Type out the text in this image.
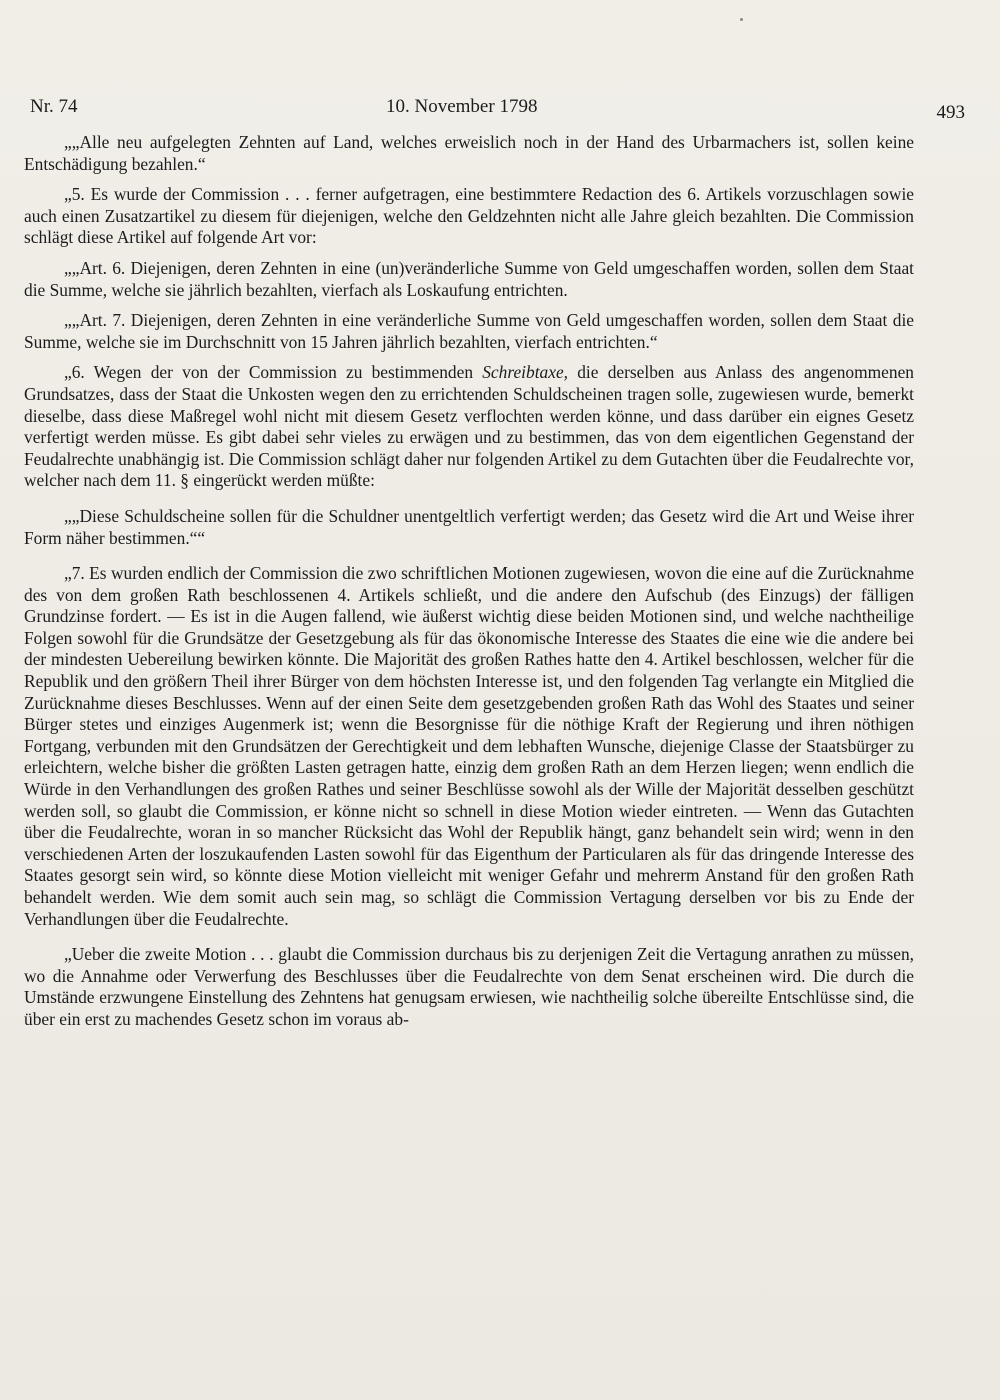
Nr. 74	10. November 1798	493

„„Alle neu aufgelegten Zehnten auf Land, welches erweislich noch in der Hand des Urbarmachers ist, sollen keine Entschädigung bezahlen.“

„5. Es wurde der Commission . . . ferner aufgetragen, eine bestimmtere Redaction des 6. Artikels vorzuschlagen sowie auch einen Zusatzartikel zu diesem für diejenigen, welche den Geldzehnten nicht alle Jahre gleich bezahlten. Die Commission schlägt diese Artikel auf folgende Art vor:

„„Art. 6. Diejenigen, deren Zehnten in eine (un)veränderliche Summe von Geld umgeschaffen worden, sollen dem Staat die Summe, welche sie jährlich bezahlten, vierfach als Loskaufung entrichten.

„„Art. 7. Diejenigen, deren Zehnten in eine veränderliche Summe von Geld umgeschaffen worden, sollen dem Staat die Summe, welche sie im Durchschnitt von 15 Jahren jährlich bezahlten, vierfach entrichten.“

„6. Wegen der von der Commission zu bestimmenden Schreibtaxe, die derselben aus Anlass des angenommenen Grundsatzes, dass der Staat die Unkosten wegen den zu errichtenden Schuldscheinen tragen solle, zugewiesen wurde, bemerkt dieselbe, dass diese Maßregel wohl nicht mit diesem Gesetz verflochten werden könne, und dass darüber ein eignes Gesetz verfertigt werden müsse. Es gibt dabei sehr vieles zu erwägen und zu bestimmen, das von dem eigentlichen Gegenstand der Feudalrechte unabhängig ist. Die Commission schlägt daher nur folgenden Artikel zu dem Gutachten über die Feudalrechte vor, welcher nach dem 11. § eingerückt werden müßte:

„„Diese Schuldscheine sollen für die Schuldner unentgeltlich verfertigt werden; das Gesetz wird die Art und Weise ihrer Form näher bestimmen.““

„7. Es wurden endlich der Commission die zwo schriftlichen Motionen zugewiesen, wovon die eine auf die Zurücknahme des von dem großen Rath beschlossenen 4. Artikels schließt, und die andere den Aufschub (des Einzugs) der fälligen Grundzinse fordert. — Es ist in die Augen fallend, wie äußerst wichtig diese beiden Motionen sind, und welche nachtheilige Folgen sowohl für die Grundsätze der Gesetzgebung als für das ökonomische Interesse des Staates die eine wie die andere bei der mindesten Uebereilung bewirken könnte. Die Majorität des großen Rathes hatte den 4. Artikel beschlossen, welcher für die Republik und den größern Theil ihrer Bürger von dem höchsten Interesse ist, und den folgenden Tag verlangte ein Mitglied die Zurücknahme dieses Beschlusses. Wenn auf der einen Seite dem gesetzgebenden großen Rath das Wohl des Staates und seiner Bürger stetes und einziges Augenmerk ist; wenn die Besorgnisse für die nöthige Kraft der Regierung und ihren nöthigen Fortgang, verbunden mit den Grundsätzen der Gerechtigkeit und dem lebhaften Wunsche, diejenige Classe der Staatsbürger zu erleichtern, welche bisher die größten Lasten getragen hatte, einzig dem großen Rath an dem Herzen liegen; wenn endlich die Würde in den Verhandlungen des großen Rathes und seiner Beschlüsse sowohl als der Wille der Majorität desselben geschützt werden soll, so glaubt die Commission, er könne nicht so schnell in diese Motion wieder eintreten. — Wenn das Gutachten über die Feudalrechte, woran in so mancher Rücksicht das Wohl der Republik hängt, ganz behandelt sein wird; wenn in den verschiedenen Arten der loszukaufenden Lasten sowohl für das Eigenthum der Particularen als für das dringende Interesse des Staates gesorgt sein wird, so könnte diese Motion vielleicht mit weniger Gefahr und mehrerm Anstand für den großen Rath behandelt werden. Wie dem somit auch sein mag, so schlägt die Commission Vertagung derselben vor bis zu Ende der Verhandlungen über die Feudalrechte.

„Ueber die zweite Motion . . . glaubt die Commission durchaus bis zu derjenigen Zeit die Vertagung anrathen zu müssen, wo die Annahme oder Verwerfung des Beschlusses über die Feudalrechte von dem Senat erscheinen wird. Die durch die Umstände erzwungene Einstellung des Zehntens hat genugsam erwiesen, wie nachtheilig solche übereilte Entschlüsse sind, die über ein erst zu machendes Gesetz schon im voraus ab-
